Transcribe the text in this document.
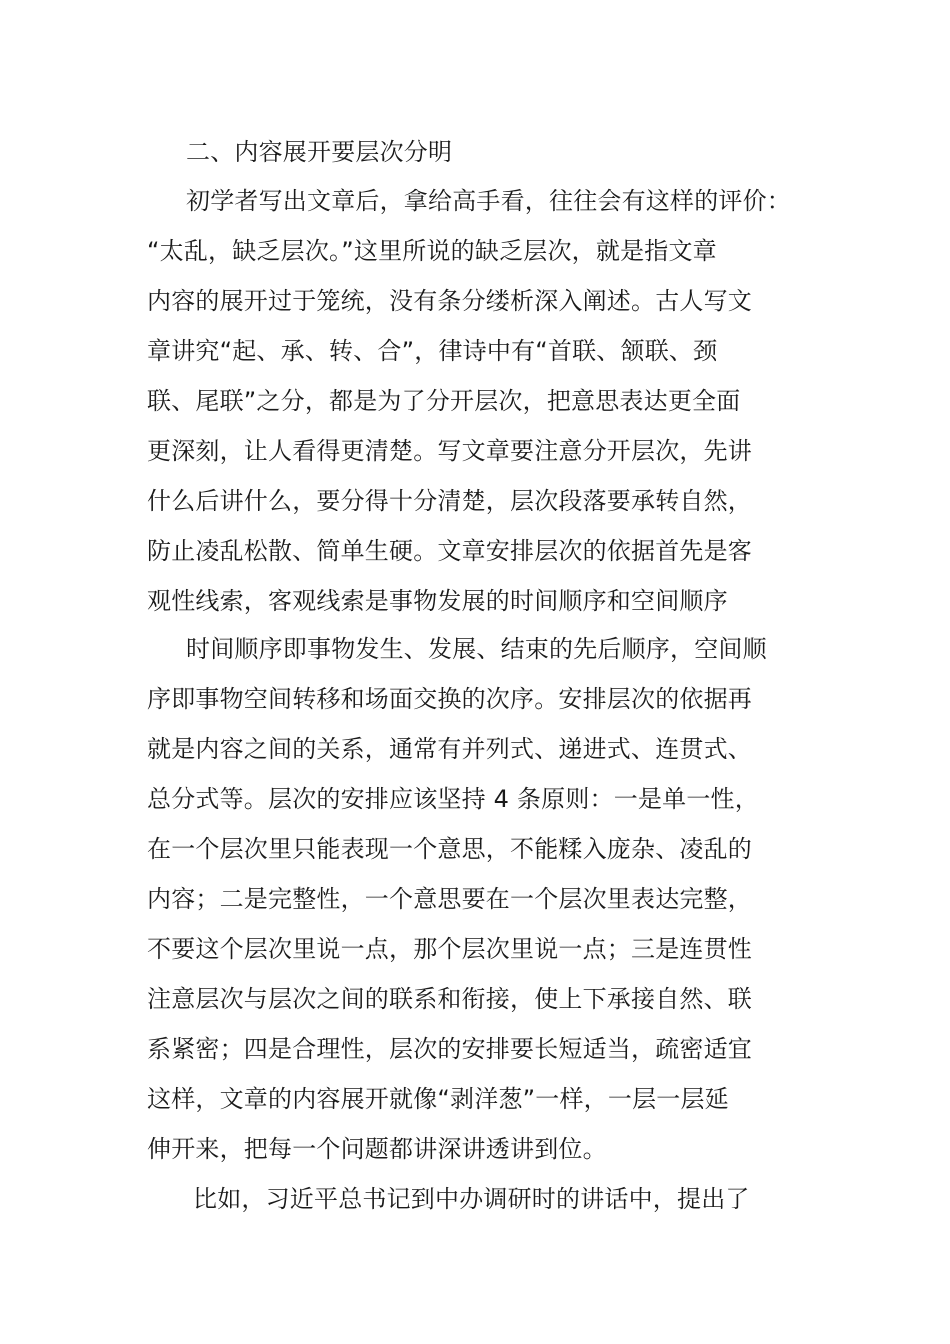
二、内容展开要层次分明
初学者写出文章后，拿给高手看，往往会有这样的评价：
“太乱，缺乏层次。”这里所说的缺乏层次，就是指文章
内容的展开过于笼统，没有条分缕析深入阐述。古人写文
章讲究“起、承、转、合”，律诗中有“首联、颔联、颈
联、尾联”之分，都是为了分开层次，把意思表达更全面
更深刻，让人看得更清楚。写文章要注意分开层次，先讲
什么后讲什么，要分得十分清楚，层次段落要承转自然，
防止凌乱松散、简单生硬。文章安排层次的依据首先是客
观性线索，客观线索是事物发展的时间顺序和空间顺序
时间顺序即事物发生、发展、结束的先后顺序，空间顺
序即事物空间转移和场面交换的次序。安排层次的依据再
就是内容之间的关系，通常有并列式、递进式、连贯式、
总分式等。层次的安排应该坚持 4 条原则：一是单一性，
在一个层次里只能表现一个意思，不能糅入庞杂、凌乱的
内容；二是完整性，一个意思要在一个层次里表达完整，
不要这个层次里说一点，那个层次里说一点；三是连贯性
注意层次与层次之间的联系和衔接，使上下承接自然、联
系紧密；四是合理性，层次的安排要长短适当，疏密适宜
这样，文章的内容展开就像“剥洋葱”一样，一层一层延
伸开来，把每一个问题都讲深讲透讲到位。
比如，习近平总书记到中办调研时的讲话中，提出了
